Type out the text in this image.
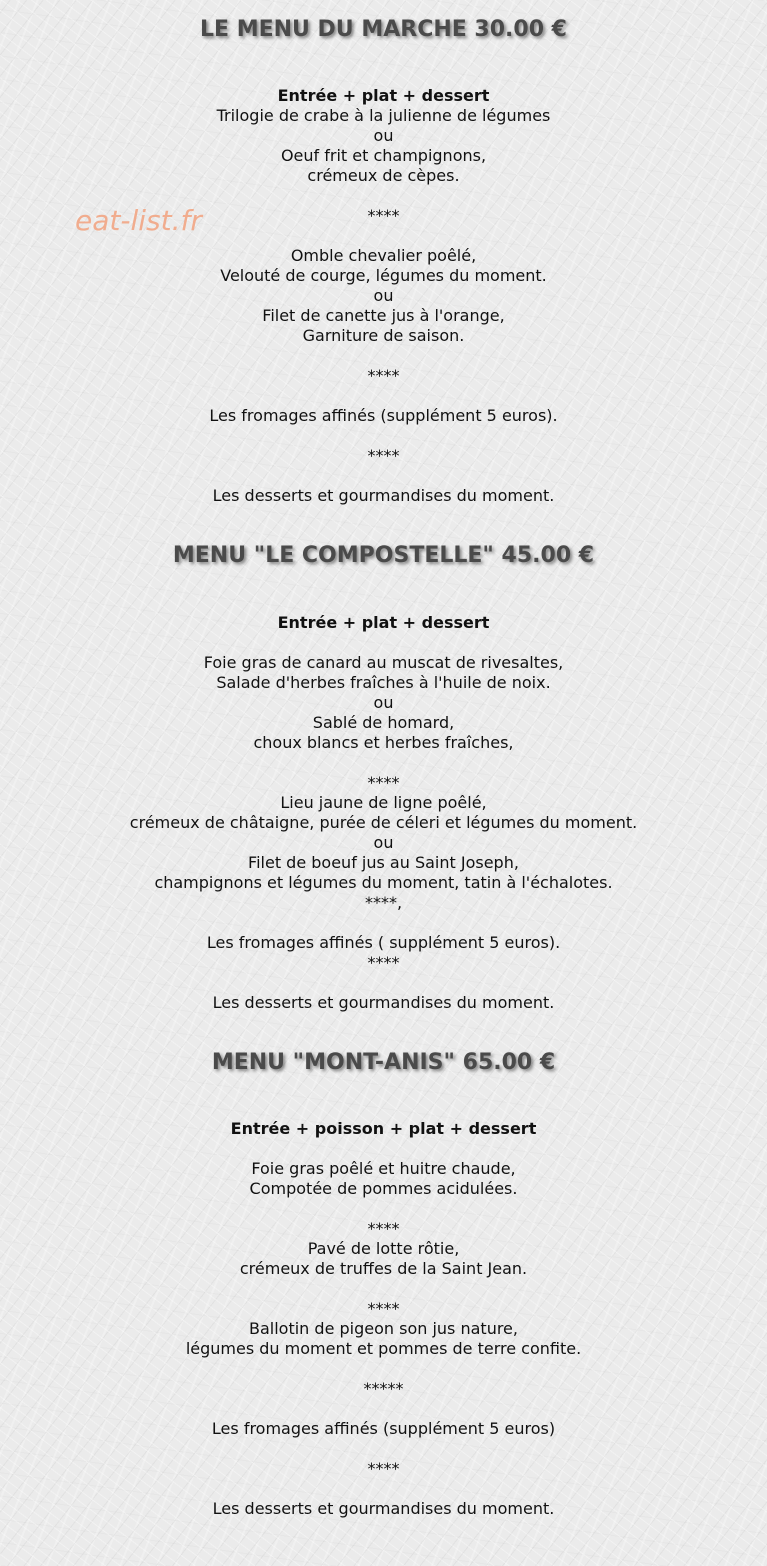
LE MENU DU MARCHE 30.00 €

Entrée + plat + dessert

Trilogie de crabe à la julienne de légumes

ou

Oeuf frit et champignons,

crémeux de cèpes.

****

Omble chevalier poêlé,

Velouté de courge, légumes du moment.

ou

Filet de canette jus à l'orange,

Garniture de saison.

****

Les fromages affinés (supplément 5 euros).

****

Les desserts et gourmandises du moment.

MENU "LE COMPOSTELLE" 45.00 €

Entrée + plat + dessert

Foie gras de canard au muscat de rivesaltes,

Salade d'herbes fraîches à l'huile de noix.

ou

Sablé de homard,

choux blancs et herbes fraîches,

****

Lieu jaune de ligne poêlé,

crémeux de châtaigne, purée de céleri et légumes du moment.

ou

Filet de boeuf jus au Saint Joseph,

champignons et légumes du moment, tatin à l'échalotes.

****,

Les fromages affinés ( supplément 5 euros).

****

Les desserts et gourmandises du moment.

MENU "MONT-ANIS" 65.00 €

Entrée + poisson + plat + dessert

Foie gras poêlé et huitre chaude,

Compotée de pommes acidulées.

****

Pavé de lotte rôtie,

crémeux de truffes de la Saint Jean.

****

Ballotin de pigeon son jus nature,

légumes du moment et pommes de terre confite.

*****

Les fromages affinés (supplément 5 euros)

****

Les desserts et gourmandises du moment.

eat-list.fr
